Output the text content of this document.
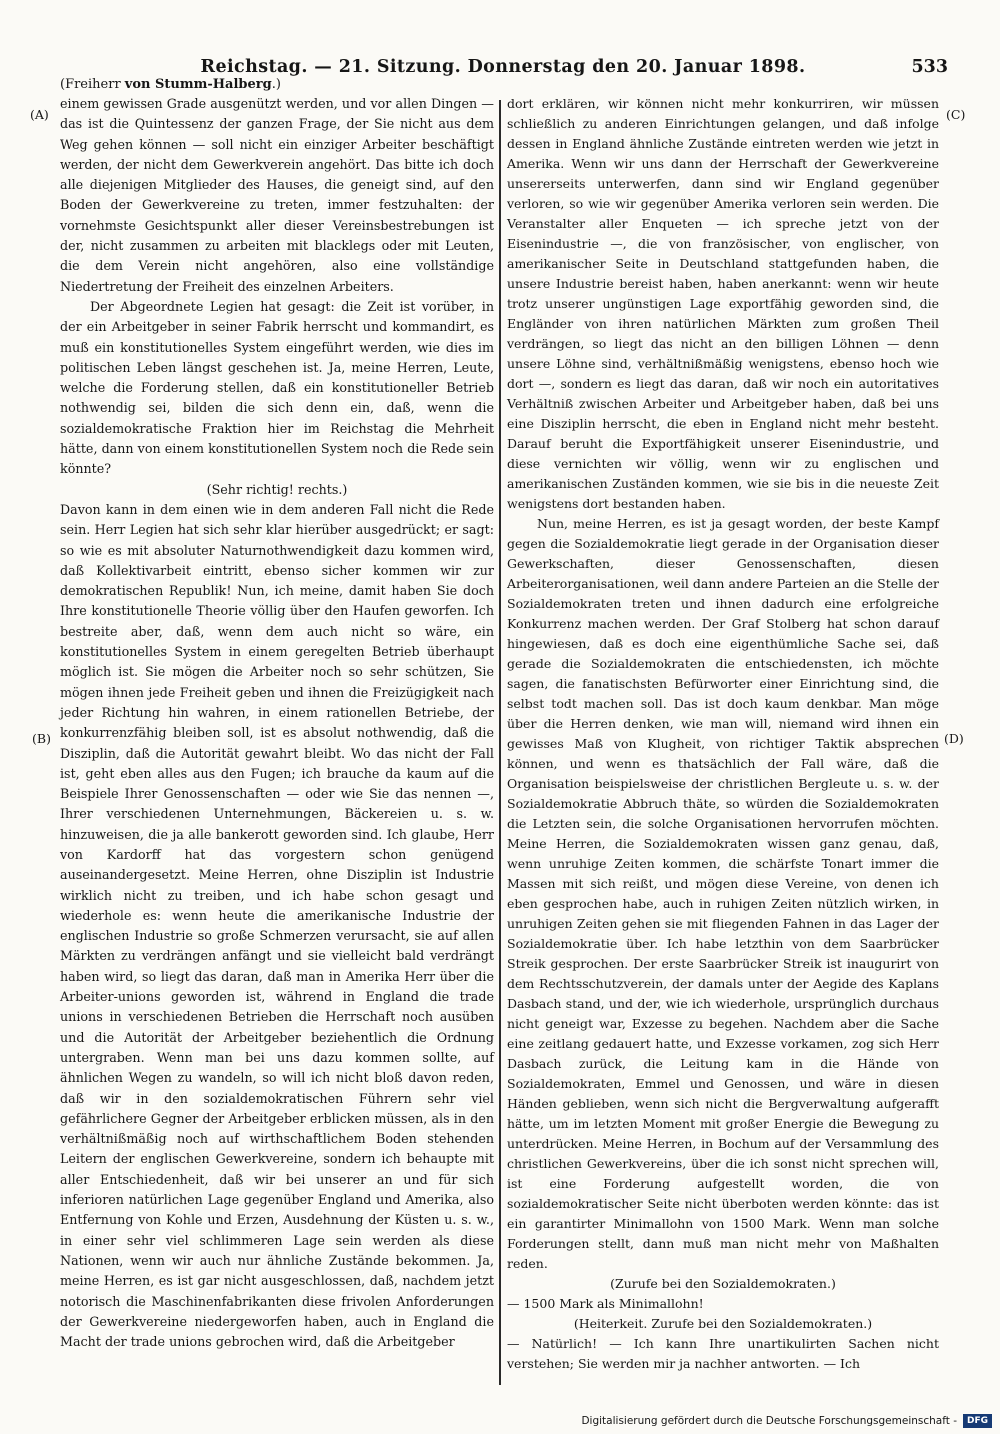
Reichstag. — 21. Sitzung. Donnerstag den 20. Januar 1898.	533
(Freiherr von Stumm-Halberg.)
(A)
(B)
(C)
(D)

einem gewissen Grade ausgenützt werden, und vor allen Dingen — das ist die Quintessenz der ganzen Frage, der Sie nicht aus dem Weg gehen können — soll nicht ein einziger Arbeiter beschäftigt werden, der nicht dem Gewerkverein angehört. Das bitte ich doch alle diejenigen Mitglieder des Hauses, die geneigt sind, auf den Boden der Gewerkvereine zu treten, immer festzuhalten: der vornehmste Gesichtspunkt aller dieser Vereinsbestrebungen ist der, nicht zusammen zu arbeiten mit blacklegs oder mit Leuten, die dem Verein nicht angehören, also eine vollständige Niedertretung der Freiheit des einzelnen Arbeiters.

Der Abgeordnete Legien hat gesagt: die Zeit ist vorüber, in der ein Arbeitgeber in seiner Fabrik herrscht und kommandirt, es muß ein konstitutionelles System eingeführt werden, wie dies im politischen Leben längst geschehen ist. Ja, meine Herren, Leute, welche die Forderung stellen, daß ein konstitutioneller Betrieb nothwendig sei, bilden die sich denn ein, daß, wenn die sozialdemokratische Fraktion hier im Reichstag die Mehrheit hätte, dann von einem konstitutionellen System noch die Rede sein könnte?

(Sehr richtig! rechts.)

Davon kann in dem einen wie in dem anderen Fall nicht die Rede sein. Herr Legien hat sich sehr klar hierüber ausgedrückt; er sagt: so wie es mit absoluter Naturnothwendigkeit dazu kommen wird, daß Kollektivarbeit eintritt, ebenso sicher kommen wir zur demokratischen Republik! Nun, ich meine, damit haben Sie doch Ihre konstitutionelle Theorie völlig über den Haufen geworfen. Ich bestreite aber, daß, wenn dem auch nicht so wäre, ein konstitutionelles System in einem geregelten Betrieb überhaupt möglich ist. Sie mögen die Arbeiter noch so sehr schützen, Sie mögen ihnen jede Freiheit geben und ihnen die Freizügigkeit nach jeder Richtung hin wahren, in einem rationellen Betriebe, der konkurrenzfähig bleiben soll, ist es absolut nothwendig, daß die Disziplin, daß die Autorität gewahrt bleibt. Wo das nicht der Fall ist, geht eben alles aus den Fugen; ich brauche da kaum auf die Beispiele Ihrer Genossenschaften — oder wie Sie das nennen —, Ihrer verschiedenen Unternehmungen, Bäckereien u. s. w. hinzuweisen, die ja alle bankerott geworden sind. Ich glaube, Herr von Kardorff hat das vorgestern schon genügend auseinandergesetzt. Meine Herren, ohne Disziplin ist Industrie wirklich nicht zu treiben, und ich habe schon gesagt und wiederhole es: wenn heute die amerikanische Industrie der englischen Industrie so große Schmerzen verursacht, sie auf allen Märkten zu verdrängen anfängt und sie vielleicht bald verdrängt haben wird, so liegt das daran, daß man in Amerika Herr über die Arbeiter-unions geworden ist, während in England die trade unions in verschiedenen Betrieben die Herrschaft noch ausüben und die Autorität der Arbeitgeber beziehentlich die Ordnung untergraben. Wenn man bei uns dazu kommen sollte, auf ähnlichen Wegen zu wandeln, so will ich nicht bloß davon reden, daß wir in den sozialdemokratischen Führern sehr viel gefährlichere Gegner der Arbeitgeber erblicken müssen, als in den verhältnißmäßig noch auf wirthschaftlichem Boden stehenden Leitern der englischen Gewerkvereine, sondern ich behaupte mit aller Entschiedenheit, daß wir bei unserer an und für sich inferioren natürlichen Lage gegenüber England und Amerika, also Entfernung von Kohle und Erzen, Ausdehnung der Küsten u. s. w., in einer sehr viel schlimmeren Lage sein werden als diese Nationen, wenn wir auch nur ähnliche Zustände bekommen. Ja, meine Herren, es ist gar nicht ausgeschlossen, daß, nachdem jetzt notorisch die Maschinenfabrikanten diese frivolen Anforderungen der Gewerkvereine niedergeworfen haben, auch in England die Macht der trade unions gebrochen wird, daß die Arbeitgeber

dort erklären, wir können nicht mehr konkurriren, wir müssen schließlich zu anderen Einrichtungen gelangen, und daß infolge dessen in England ähnliche Zustände eintreten werden wie jetzt in Amerika. Wenn wir uns dann der Herrschaft der Gewerkvereine unsererseits unterwerfen, dann sind wir England gegenüber verloren, so wie wir gegenüber Amerika verloren sein werden. Die Veranstalter aller Enqueten — ich spreche jetzt von der Eisenindustrie —, die von französischer, von englischer, von amerikanischer Seite in Deutschland stattgefunden haben, die unsere Industrie bereist haben, haben anerkannt: wenn wir heute trotz unserer ungünstigen Lage exportfähig geworden sind, die Engländer von ihren natürlichen Märkten zum großen Theil verdrängen, so liegt das nicht an den billigen Löhnen — denn unsere Löhne sind, verhältnißmäßig wenigstens, ebenso hoch wie dort —, sondern es liegt das daran, daß wir noch ein autoritatives Verhältniß zwischen Arbeiter und Arbeitgeber haben, daß bei uns eine Disziplin herrscht, die eben in England nicht mehr besteht. Darauf beruht die Exportfähigkeit unserer Eisenindustrie, und diese vernichten wir völlig, wenn wir zu englischen und amerikanischen Zuständen kommen, wie sie bis in die neueste Zeit wenigstens dort bestanden haben.

Nun, meine Herren, es ist ja gesagt worden, der beste Kampf gegen die Sozialdemokratie liegt gerade in der Organisation dieser Gewerkschaften, dieser Genossenschaften, diesen Arbeiterorganisationen, weil dann andere Parteien an die Stelle der Sozialdemokraten treten und ihnen dadurch eine erfolgreiche Konkurrenz machen werden. Der Graf Stolberg hat schon darauf hingewiesen, daß es doch eine eigenthümliche Sache sei, daß gerade die Sozialdemokraten die entschiedensten, ich möchte sagen, die fanatischsten Befürworter einer Einrichtung sind, die selbst todt machen soll. Das ist doch kaum denkbar. Man möge über die Herren denken, wie man will, niemand wird ihnen ein gewisses Maß von Klugheit, von richtiger Taktik absprechen können, und wenn es thatsächlich der Fall wäre, daß die Organisation beispielsweise der christlichen Bergleute u. s. w. der Sozialdemokratie Abbruch thäte, so würden die Sozialdemokraten die Letzten sein, die solche Organisationen hervorrufen möchten. Meine Herren, die Sozialdemokraten wissen ganz genau, daß, wenn unruhige Zeiten kommen, die schärfste Tonart immer die Massen mit sich reißt, und mögen diese Vereine, von denen ich eben gesprochen habe, auch in ruhigen Zeiten nützlich wirken, in unruhigen Zeiten gehen sie mit fliegenden Fahnen in das Lager der Sozialdemokratie über. Ich habe letzthin von dem Saarbrücker Streik gesprochen. Der erste Saarbrücker Streik ist inaugurirt von dem Rechtsschutzverein, der damals unter der Aegide des Kaplans Dasbach stand, und der, wie ich wiederhole, ursprünglich durchaus nicht geneigt war, Exzesse zu begehen. Nachdem aber die Sache eine zeitlang gedauert hatte, und Exzesse vorkamen, zog sich Herr Dasbach zurück, die Leitung kam in die Hände von Sozialdemokraten, Emmel und Genossen, und wäre in diesen Händen geblieben, wenn sich nicht die Bergverwaltung aufgerafft hätte, um im letzten Moment mit großer Energie die Bewegung zu unterdrücken. Meine Herren, in Bochum auf der Versammlung des christlichen Gewerkvereins, über die ich sonst nicht sprechen will, ist eine Forderung aufgestellt worden, die von sozialdemokratischer Seite nicht überboten werden könnte: das ist ein garantirter Minimallohn von 1500 Mark. Wenn man solche Forderungen stellt, dann muß man nicht mehr von Maßhalten reden.

(Zurufe bei den Sozialdemokraten.)

— 1500 Mark als Minimallohn!

(Heiterkeit. Zurufe bei den Sozialdemokraten.)

— Natürlich! — Ich kann Ihre unartikulirten Sachen nicht verstehen; Sie werden mir ja nachher antworten. — Ich

Digitalisierung gefördert durch die Deutsche Forschungsgemeinschaft -	DFG
